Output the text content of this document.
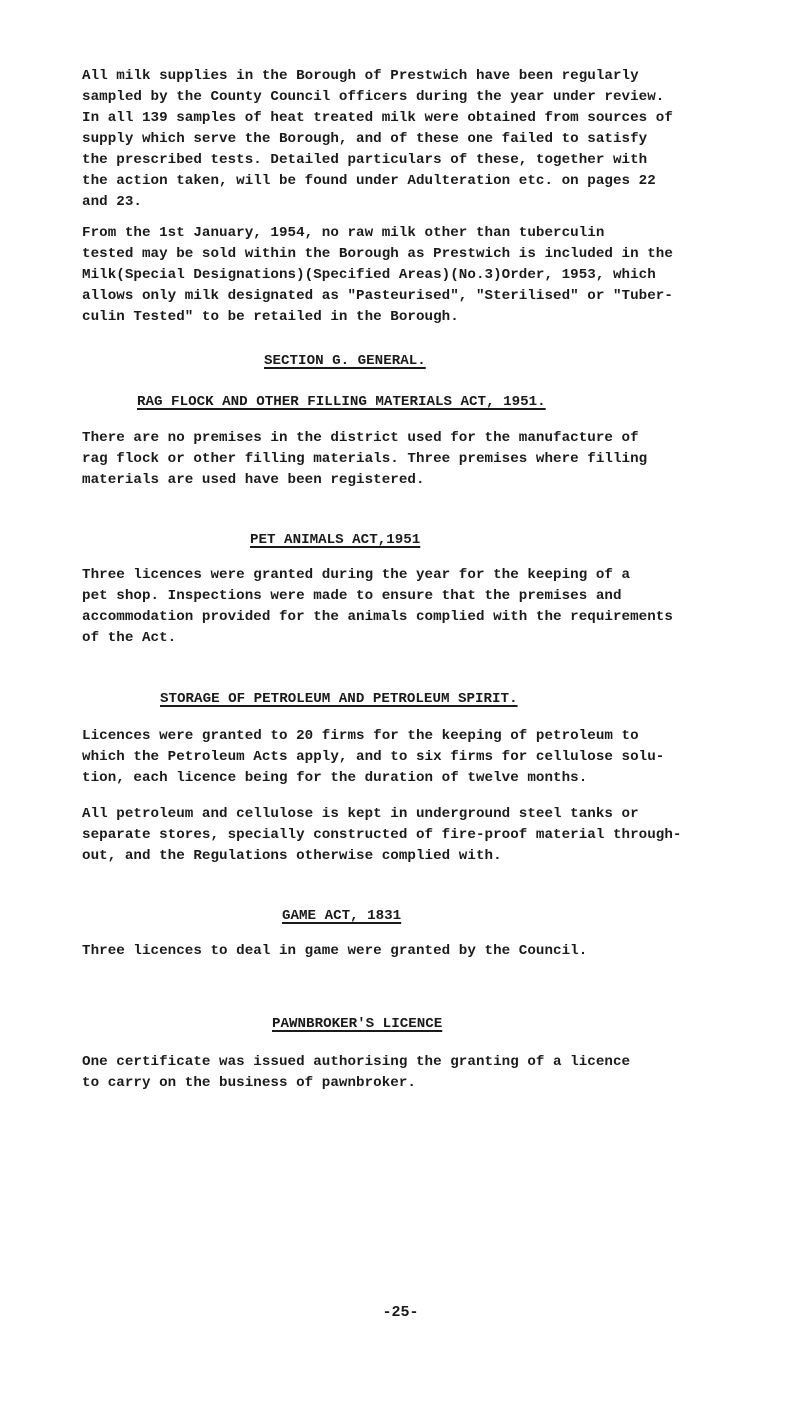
All milk supplies in the Borough of Prestwich have been regularly
sampled by the County Council officers during the year under review.
In all 139 samples of heat treated milk were obtained from sources of
supply which serve the Borough, and of these one failed to satisfy
the prescribed tests. Detailed particulars of these, together with
the action taken, will be found under Adulteration etc. on pages 22
and 23.

From the 1st January, 1954, no raw milk other than tuberculin
tested may be sold within the Borough as Prestwich is included in the
Milk(Special Designations)(Specified Areas)(No.3)Order, 1953, which
allows only milk designated as "Pasteurised", "Sterilised" or "Tuber-
culin Tested" to be retailed in the Borough.

SECTION G. GENERAL.

RAG FLOCK AND OTHER FILLING MATERIALS ACT, 1951.

There are no premises in the district used for the manufacture of
rag flock or other filling materials. Three premises where filling
materials are used have been registered.

PET ANIMALS ACT,1951

Three licences were granted during the year for the keeping of a
pet shop. Inspections were made to ensure that the premises and
accommodation provided for the animals complied with the requirements
of the Act.

STORAGE OF PETROLEUM AND PETROLEUM SPIRIT.

Licences were granted to 20 firms for the keeping of petroleum to
which the Petroleum Acts apply, and to six firms for cellulose solu-
tion, each licence being for the duration of twelve months.

All petroleum and cellulose is kept in underground steel tanks or
separate stores, specially constructed of fire-proof material through-
out, and the Regulations otherwise complied with.

GAME ACT, 1831

Three licences to deal in game were granted by the Council.

PAWNBROKER'S LICENCE

One certificate was issued authorising the granting of a licence
to carry on the business of pawnbroker.

-25-
